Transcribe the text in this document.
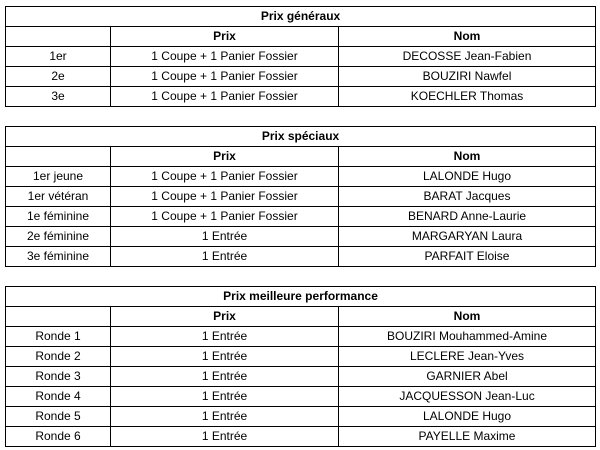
Prix généraux		
	Prix	Nom
1er	1 Coupe + 1 Panier Fossier	DECOSSE Jean-Fabien
2e	1 Coupe + 1 Panier Fossier	BOUZIRI Nawfel
3e	1 Coupe + 1 Panier Fossier	KOECHLER Thomas
Prix spéciaux		
	Prix	Nom
1er jeune	1 Coupe + 1 Panier Fossier	LALONDE Hugo
1er vétéran	1 Coupe + 1 Panier Fossier	BARAT Jacques
1e féminine	1 Coupe + 1 Panier Fossier	BENARD Anne-Laurie
2e féminine	1 Entrée	MARGARYAN Laura
3e féminine	1 Entrée	PARFAIT Eloise
Prix meilleure performance		
	Prix	Nom
Ronde 1	1 Entrée	BOUZIRI Mouhammed-Amine
Ronde 2	1 Entrée	LECLERE Jean-Yves
Ronde 3	1 Entrée	GARNIER Abel
Ronde 4	1 Entrée	JACQUESSON Jean-Luc
Ronde 5	1 Entrée	LALONDE Hugo
Ronde 6	1 Entrée	PAYELLE Maxime
